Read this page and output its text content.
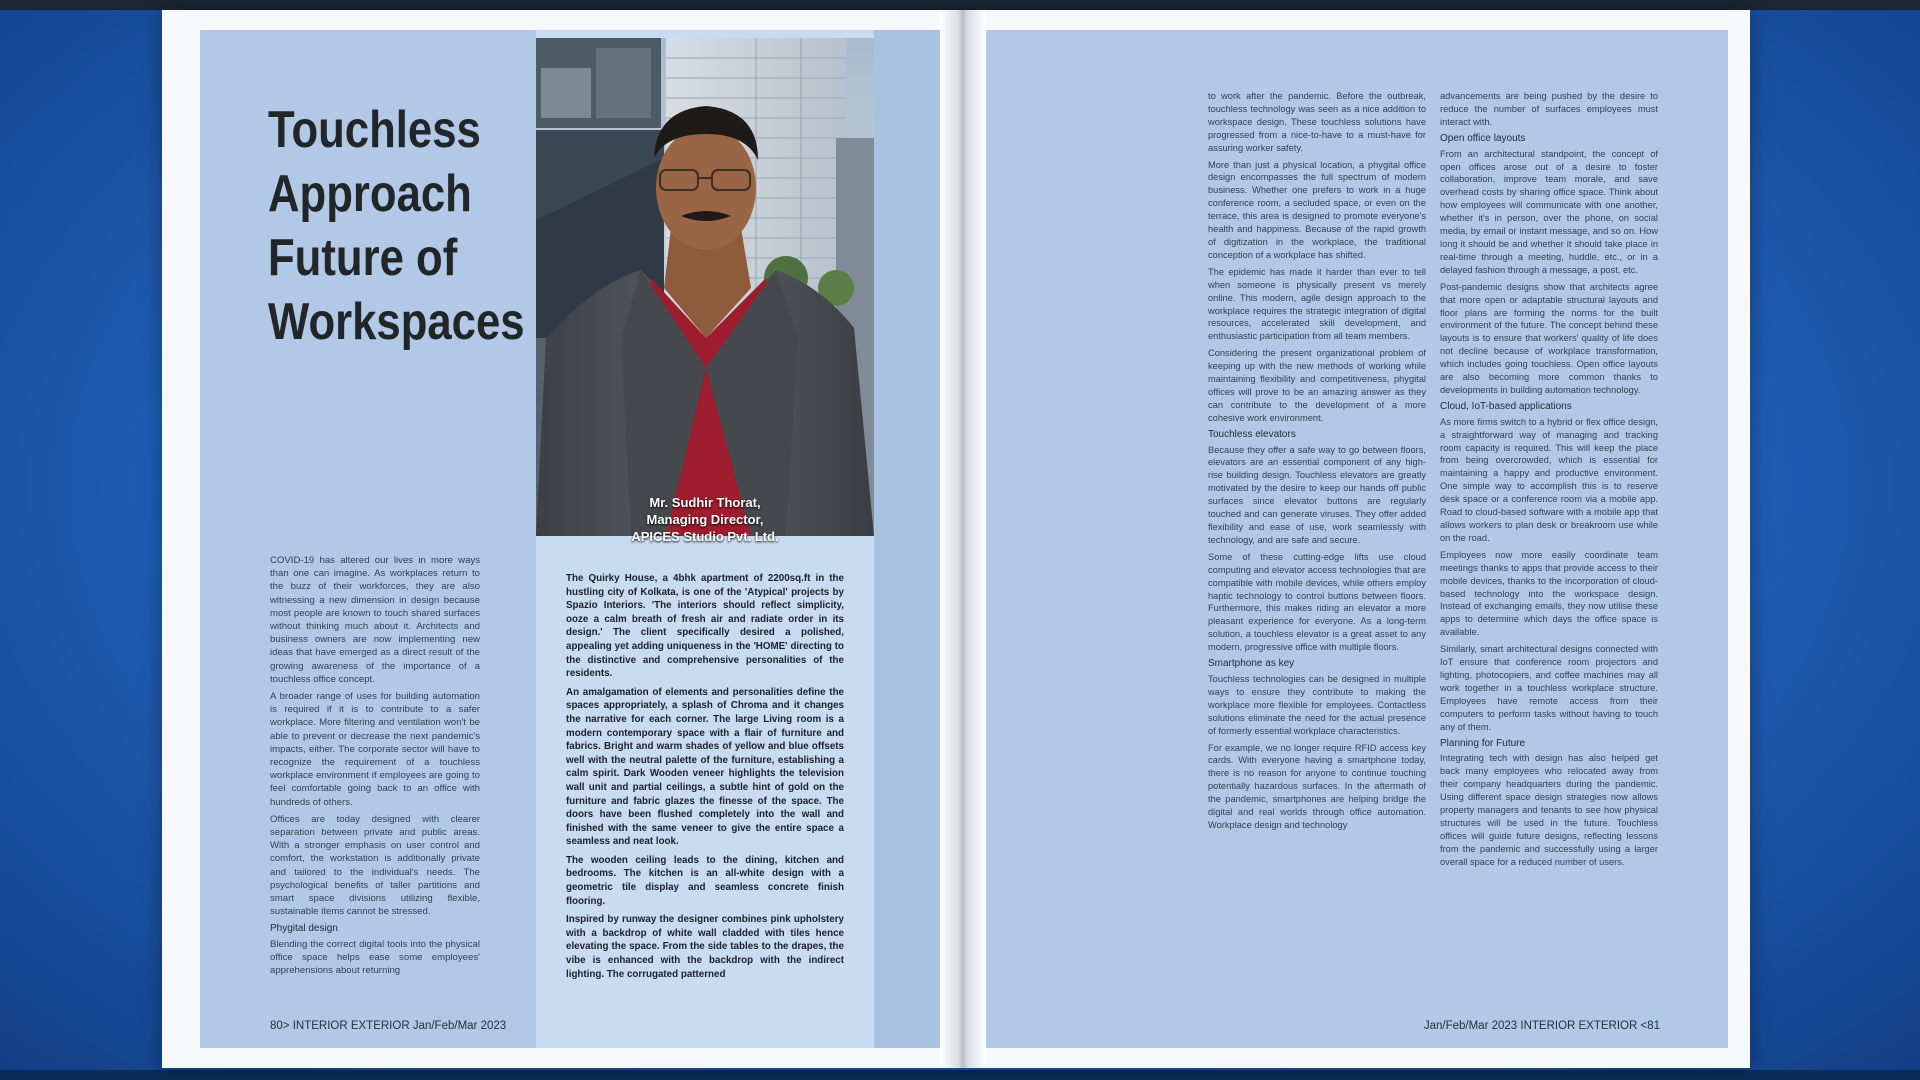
Touchless
Approach
Future of
Workspaces
Mr. Sudhir Thorat,
Managing Director,
APICES Studio Pvt. Ltd.

COVID-19 has altered our lives in more ways than one can imagine. As workplaces return to the buzz of their workforces, they are also witnessing a new dimension in design because most people are known to touch shared surfaces without thinking much about it. Architects and business owners are now implementing new ideas that have emerged as a direct result of the growing awareness of the importance of a touchless office concept.

A broader range of uses for building automation is required if it is to contribute to a safer workplace. More filtering and ventilation won't be able to prevent or decrease the next pandemic's impacts, either. The corporate sector will have to recognize the requirement of a touchless workplace environment if employees are going to feel comfortable going back to an office with hundreds of others.

Offices are today designed with clearer separation between private and public areas. With a stronger emphasis on user control and comfort, the workstation is additionally private and tailored to the individual's needs. The psychological benefits of taller partitions and smart space divisions utilizing flexible, sustainable items cannot be stressed.

Phygital design

Blending the correct digital tools into the physical office space helps ease some employees' apprehensions about returning

The Quirky House, a 4bhk apartment of 2200sq.ft in the hustling city of Kolkata, is one of the 'Atypical' projects by Spazio Interiors. 'The interiors should reflect simplicity, ooze a calm breath of fresh air and radiate order in its design.' The client specifically desired a polished, appealing yet adding uniqueness in the 'HOME' directing to the distinctive and comprehensive personalities of the residents.

An amalgamation of elements and personalities define the spaces appropriately, a splash of Chroma and it changes the narrative for each corner. The large Living room is a modern contemporary space with a flair of furniture and fabrics. Bright and warm shades of yellow and blue offsets well with the neutral palette of the furniture, establishing a calm spirit. Dark Wooden veneer highlights the television wall unit and partial ceilings, a subtle hint of gold on the furniture and fabric glazes the finesse of the space. The doors have been flushed completely into the wall and finished with the same veneer to give the entire space a seamless and neat look.

The wooden ceiling leads to the dining, kitchen and bedrooms. The kitchen is an all-white design with a geometric tile display and seamless concrete finish flooring.

Inspired by runway the designer combines pink upholstery with a backdrop of white wall cladded with tiles hence elevating the space. From the side tables to the drapes, the vibe is enhanced with the backdrop with the indirect lighting. The corrugated patterned

80> INTERIOR EXTERIOR Jan/Feb/Mar 2023

to work after the pandemic. Before the outbreak, touchless technology was seen as a nice addition to workspace design. These touchless solutions have progressed from a nice-to-have to a must-have for assuring worker safety.

More than just a physical location, a phygital office design encompasses the full spectrum of modern business. Whether one prefers to work in a huge conference room, a secluded space, or even on the terrace, this area is designed to promote everyone's health and happiness. Because of the rapid growth of digitization in the workplace, the traditional conception of a workplace has shifted.

The epidemic has made it harder than ever to tell when someone is physically present vs merely online. This modern, agile design approach to the workplace requires the strategic integration of digital resources, accelerated skill development, and enthusiastic participation from all team members.

Considering the present organizational problem of keeping up with the new methods of working while maintaining flexibility and competitiveness, phygital offices will prove to be an amazing answer as they can contribute to the development of a more cohesive work environment.

Touchless elevators

Because they offer a safe way to go between floors, elevators are an essential component of any high-rise building design. Touchless elevators are greatly motivated by the desire to keep our hands off public surfaces since elevator buttons are regularly touched and can generate viruses. They offer added flexibility and ease of use, work seamlessly with technology, and are safe and secure.

Some of these cutting-edge lifts use cloud computing and elevator access technologies that are compatible with mobile devices, while others employ haptic technology to control buttons between floors. Furthermore, this makes riding an elevator a more pleasant experience for everyone. As a long-term solution, a touchless elevator is a great asset to any modern, progressive office with multiple floors.

Smartphone as key

Touchless technologies can be designed in multiple ways to ensure they contribute to making the workplace more flexible for employees. Contactless solutions eliminate the need for the actual presence of formerly essential workplace characteristics.

For example, we no longer require RFID access key cards. With everyone having a smartphone today, there is no reason for anyone to continue touching potentially hazardous surfaces. In the aftermath of the pandemic, smartphones are helping bridge the digital and real worlds through office automation. Workplace design and technology

advancements are being pushed by the desire to reduce the number of surfaces employees must interact with.

Open office layouts

From an architectural standpoint, the concept of open offices arose out of a desire to foster collaboration, improve team morale, and save overhead costs by sharing office space. Think about how employees will communicate with one another, whether it's in person, over the phone, on social media, by email or instant message, and so on. How long it should be and whether it should take place in real-time through a meeting, huddle, etc., or in a delayed fashion through a message, a post, etc.

Post-pandemic designs show that architects agree that more open or adaptable structural layouts and floor plans are forming the norms for the built environment of the future. The concept behind these layouts is to ensure that workers' quality of life does not decline because of workplace transformation, which includes going touchless. Open office layouts are also becoming more common thanks to developments in building automation technology.

Cloud, IoT-based applications

As more firms switch to a hybrid or flex office design, a straightforward way of managing and tracking room capacity is required. This will keep the place from being overcrowded, which is essential for maintaining a happy and productive environment. One simple way to accomplish this is to reserve desk space or a conference room via a mobile app. Road to cloud-based software with a mobile app that allows workers to plan desk or breakroom use while on the road.

Employees now more easily coordinate team meetings thanks to apps that provide access to their mobile devices, thanks to the incorporation of cloud-based technology into the workspace design. Instead of exchanging emails, they now utilise these apps to determine which days the office space is available.

Similarly, smart architectural designs connected with IoT ensure that conference room projectors and lighting, photocopiers, and coffee machines may all work together in a touchless workplace structure. Employees have remote access from their computers to perform tasks without having to touch any of them.

Planning for Future

Integrating tech with design has also helped get back many employees who relocated away from their company headquarters during the pandemic. Using different space design strategies now allows property managers and tenants to see how physical structures will be used in the future. Touchless offices will guide future designs, reflecting lessons from the pandemic and successfully using a larger overall space for a reduced number of users.

Jan/Feb/Mar 2023 INTERIOR EXTERIOR <81
